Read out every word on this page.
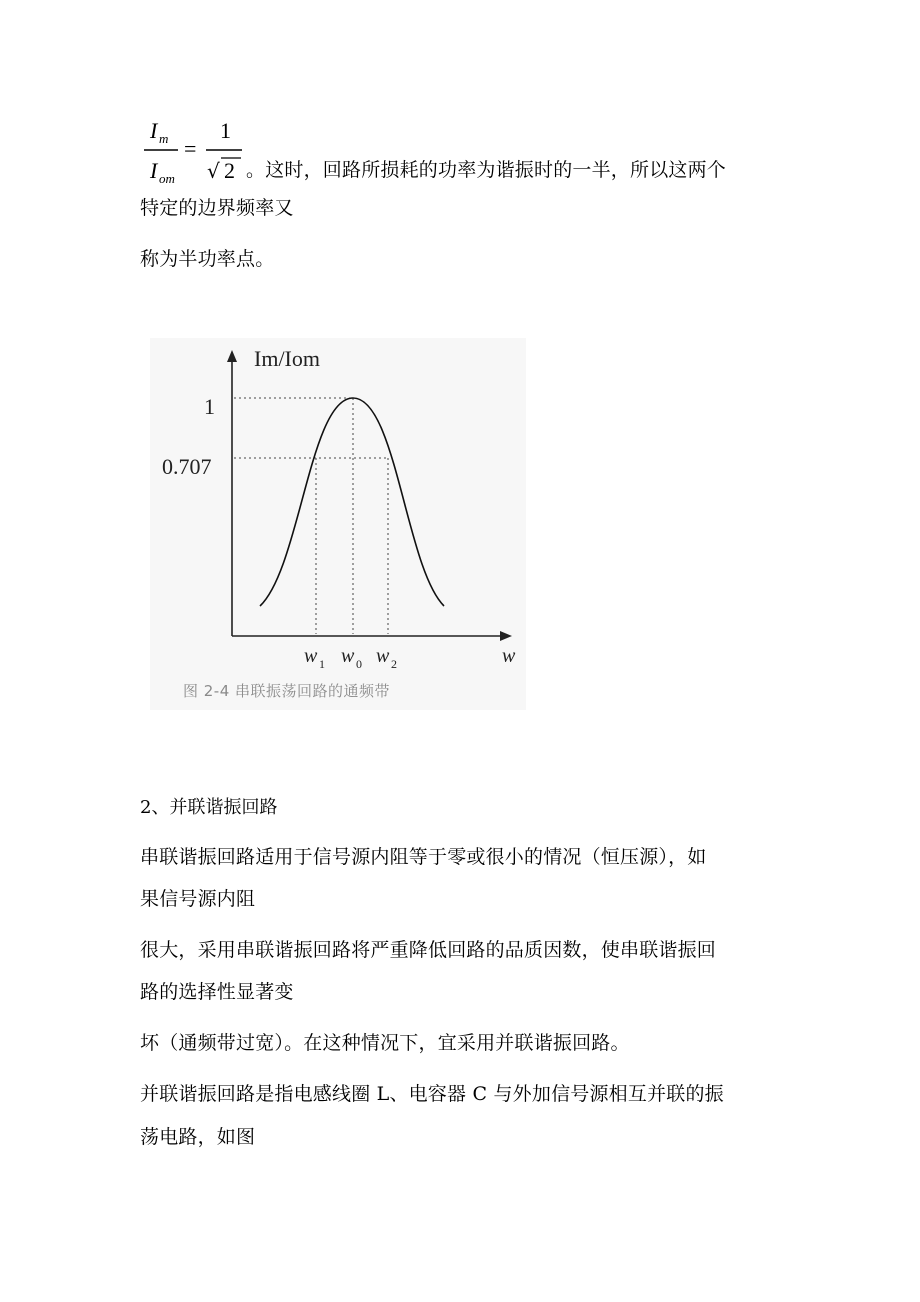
I m
I om
=
1
√ 2 。这时，回路所损耗的功率为谐振时的一半，所以这两个
特定的边界频率又
称为半功率点。
Im/Iom
1
0.707
w 1 w 0 w 2	w
图 2-4 串联振荡回路的通频带
2、并联谐振回路
串联谐振回路适用于信号源内阻等于零或很小的情况（恒压源），如
果信号源内阻
很大，采用串联谐振回路将严重降低回路的品质因数，使串联谐振回
路的选择性显著变
坏（通频带过宽）。在这种情况下，宜采用并联谐振回路。
并联谐振回路是指电感线圈 L、电容器 C 与外加信号源相互并联的振
荡电路，如图
